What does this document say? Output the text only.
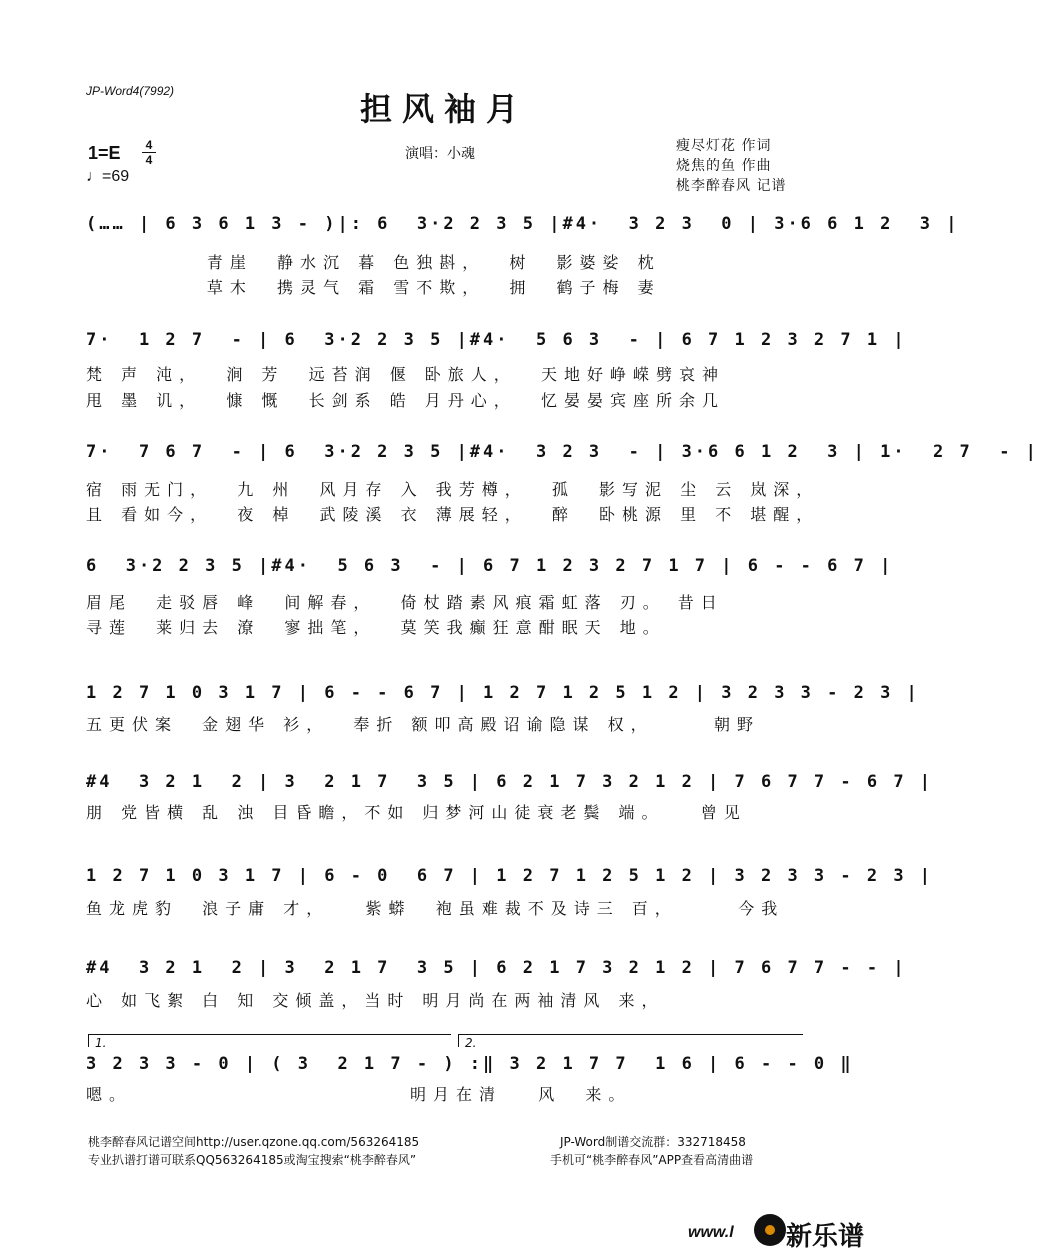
JP-Word4(7992)	担风袖月
1=E	4
4
♩=69
演唱：小魂	瘦尽灯花 作词
烧焦的鱼 作曲
桃李醉春风 记谱
(…… | 6 3 6 1 3 - )|: 6  3·2 2 3 5 |#4·  3 2 3  0 | 3·6 6 1 2  3 |
青崖  静水沉 暮 色独斟，  树  影婆娑 枕
草木  携灵气 霜 雪不欺，  拥  鹤子梅 妻
7·  1 2 7  - | 6  3·2 2 3 5 |#4·  5 6 3  - | 6 7 1 2 3 2 7 1 |
梵 声 沌，  涧 芳  远苔润 偃 卧旅人，  天地好峥嵘劈哀神
甩 墨 讥，  慷 慨  长剑系 皓 月丹心，  忆晏晏宾座所余几
7·  7 6 7  - | 6  3·2 2 3 5 |#4·  3 2 3  - | 3·6 6 1 2  3 | 1·  2 7  - |
宿 雨无门，  九 州  风月存 入 我芳樽，  孤  影写泥 尘 云 岚深，
且 看如今，  夜 棹  武陵溪 衣 薄展轻，  醉  卧桃源 里 不 堪醒，
6  3·2 2 3 5 |#4·  5 6 3  - | 6 7 1 2 3 2 7 1 7 | 6 - - 6 7 |
眉尾  走驳唇 峰  间解春，  倚杖踏素风痕霜虹落 刃。 昔日
寻莲  莱归去 潦  寥拙笔，  莫笑我癫狂意酣眠天 地。
1 2 7 1 0 3 1 7 | 6 - - 6 7 | 1 2 7 1 2 5 1 2 | 3 2 3 3 - 2 3 |
五更伏案  金翅华 衫，  奉折 额叩高殿诏谕隐谋 权，     朝野
#4  3 2 1  2 | 3  2 1 7  3 5 | 6 2 1 7 3 2 1 2 | 7 6 7 7 - 6 7 |
朋 党皆横 乱 浊 目昏瞻，不如 归梦河山徒衰老鬓 端。   曾见
1 2 7 1 0 3 1 7 | 6 - 0  6 7 | 1 2 7 1 2 5 1 2 | 3 2 3 3 - 2 3 |
鱼龙虎豹  浪子庸 才，   紫蟒  袍虽难裁不及诗三 百，     今我
#4  3 2 1  2 | 3  2 1 7  3 5 | 6 2 1 7 3 2 1 2 | 7 6 7 7 - - |
心 如飞絮 白 知 交倾盖，当时 明月尚在两袖清风 来，
1.	2.
3 2 3 3 - 0 | ( 3  2 1 7 - ) :‖ 3 2 1 7 7  1 6 | 6 - - 0 ‖
嗯。                       明月在清   风  来。
桃李醉春风记谱空间http://user.qzone.qq.com/563264185
专业扒谱打谱可联系QQ563264185或淘宝搜索“桃李醉春风”
JP-Word制谱交流群：332718458
手机可“桃李醉春风”APP查看高清曲谱
www.l 新乐谱
